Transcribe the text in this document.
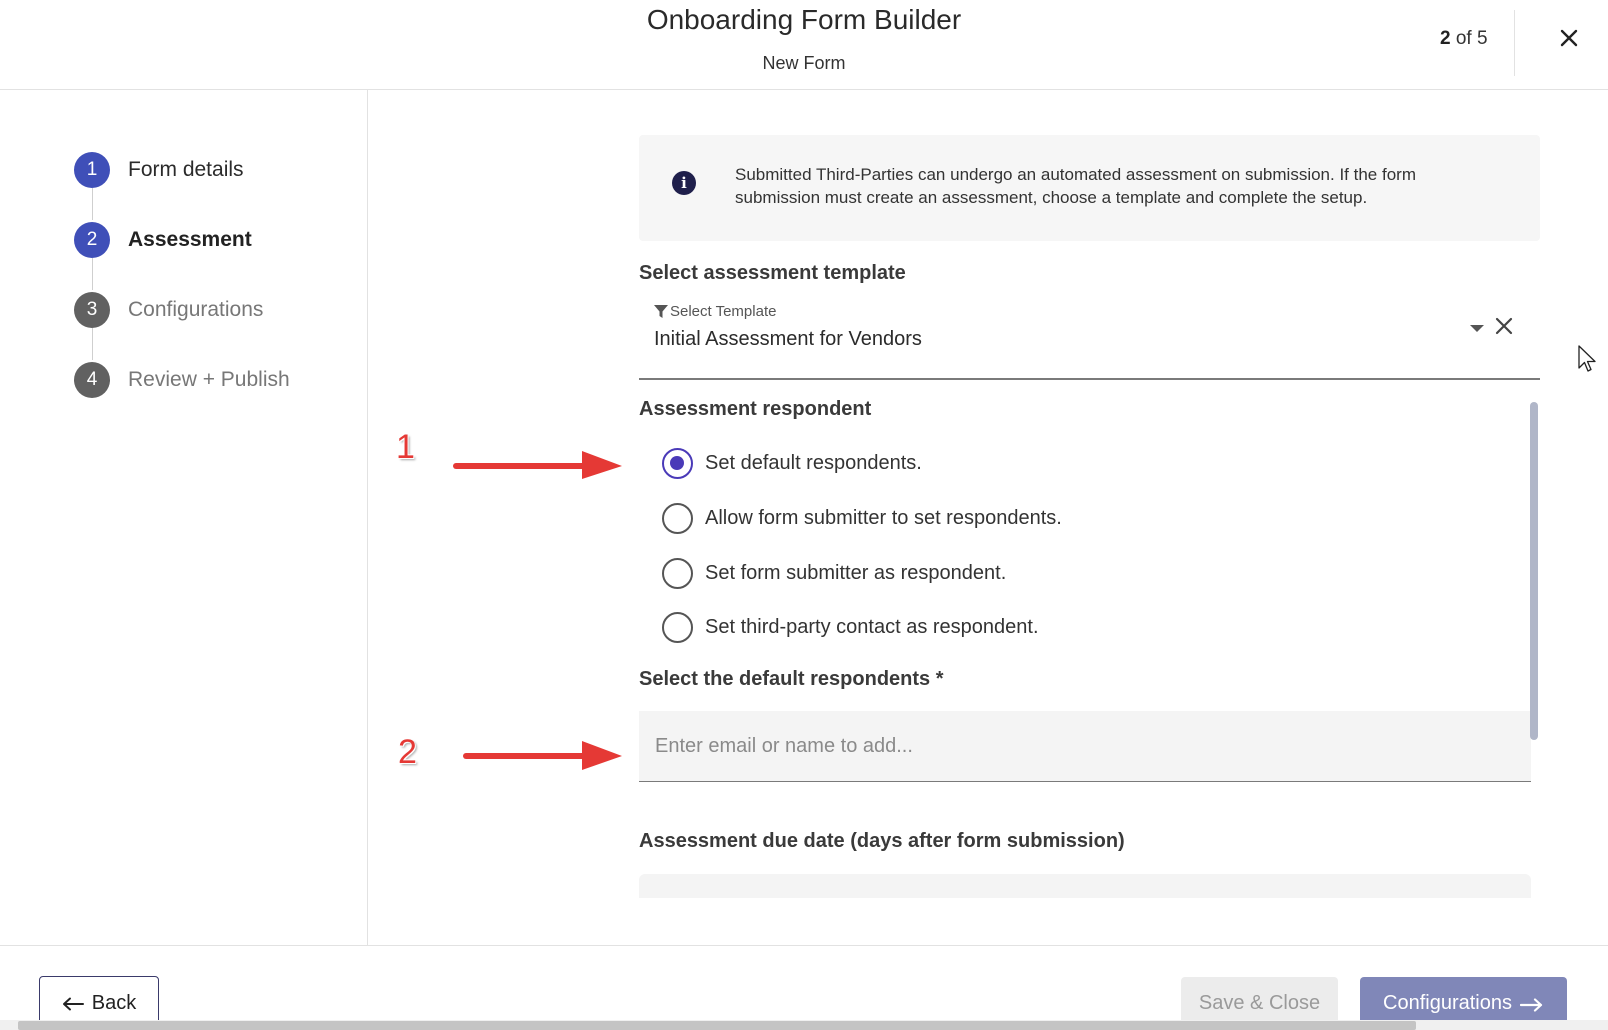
Onboarding Form Builder
New Form
2 of 5
1	Form details
2	Assessment
3	Configurations
4	Review + Publish
i	Submitted Third-Parties can undergo an automated assessment on submission. If the form submission must create an assessment, choose a template and complete the setup.
Select assessment template
Select Template
Initial Assessment for Vendors
Assessment respondent
Set default respondents.
Allow form submitter to set respondents.
Set form submitter as respondent.
Set third-party contact as respondent.
Select the default respondents *
Enter email or name to add...
Assessment due date (days after form submission)
1
2
Back	Save & Close	Configurations
